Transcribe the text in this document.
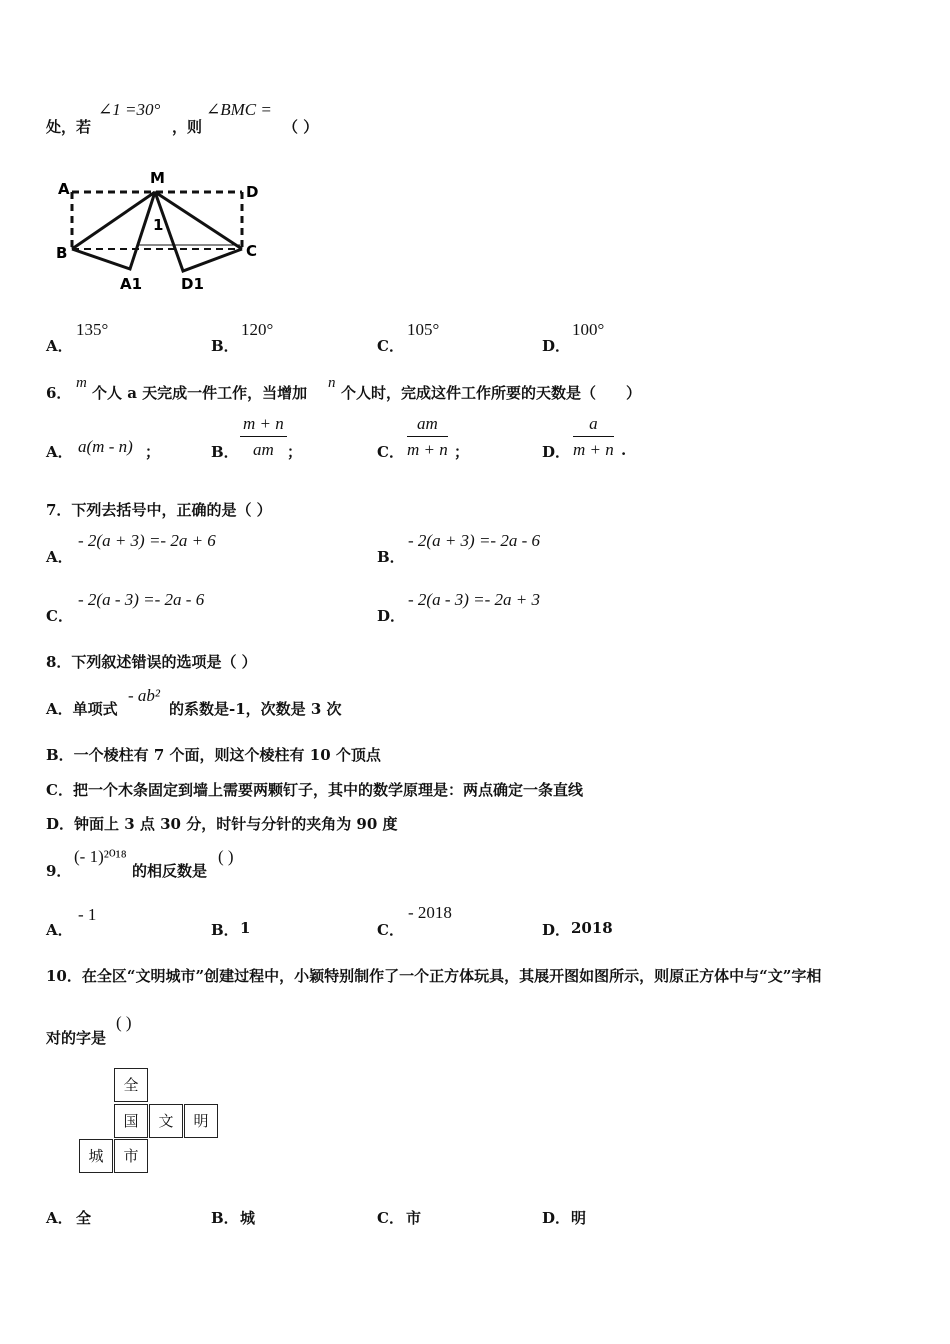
处，若
∠1 =30°
，则
∠BMC =
（ ）
A
M
D
B	C
A1	D1
1
A．
135°
B．
120°
C．
105°
D．
100°
6．
m
个人 a 天完成一件工作，当增加
n
个人时，完成这件工作所要的天数是（　　）
A． a(m - n) ；	B． $\frac{m + n}{am}$ ；	C． $\frac{am}{m + n}$ ；	D． $\frac{a}{m + n}$ .
7．下列去括号中，正确的是（ ）
A．
- 2(a + 3) =- 2a + 6
B．
- 2(a + 3) =- 2a - 6
C．
- 2(a - 3) =- 2a - 6
D．
- 2(a - 3) =- 2a + 3
8．下列叙述错误的选项是（ ）
A．单项式
- ab²
的系数是-1，次数是 3 次
B．一个棱柱有 7 个面，则这个棱柱有 10 个顶点
C．把一个木条固定到墙上需要两颗钉子，其中的数学原理是：两点确定一条直线
D．钟面上 3 点 30 分，时针与分针的夹角为 90 度
9．
(- 1)²⁰¹⁸
的相反数是
( )
A．
- 1
B． 1	C．
- 2018
D． 2018
10．在全区“文明城市”创建过程中，小颖特别制作了一个正方体玩具，其展开图如图所示，则原正方体中与“文”字相
对的字是
( )
全
国	文	明
城	市
A． 全	B． 城	C． 市	D． 明
